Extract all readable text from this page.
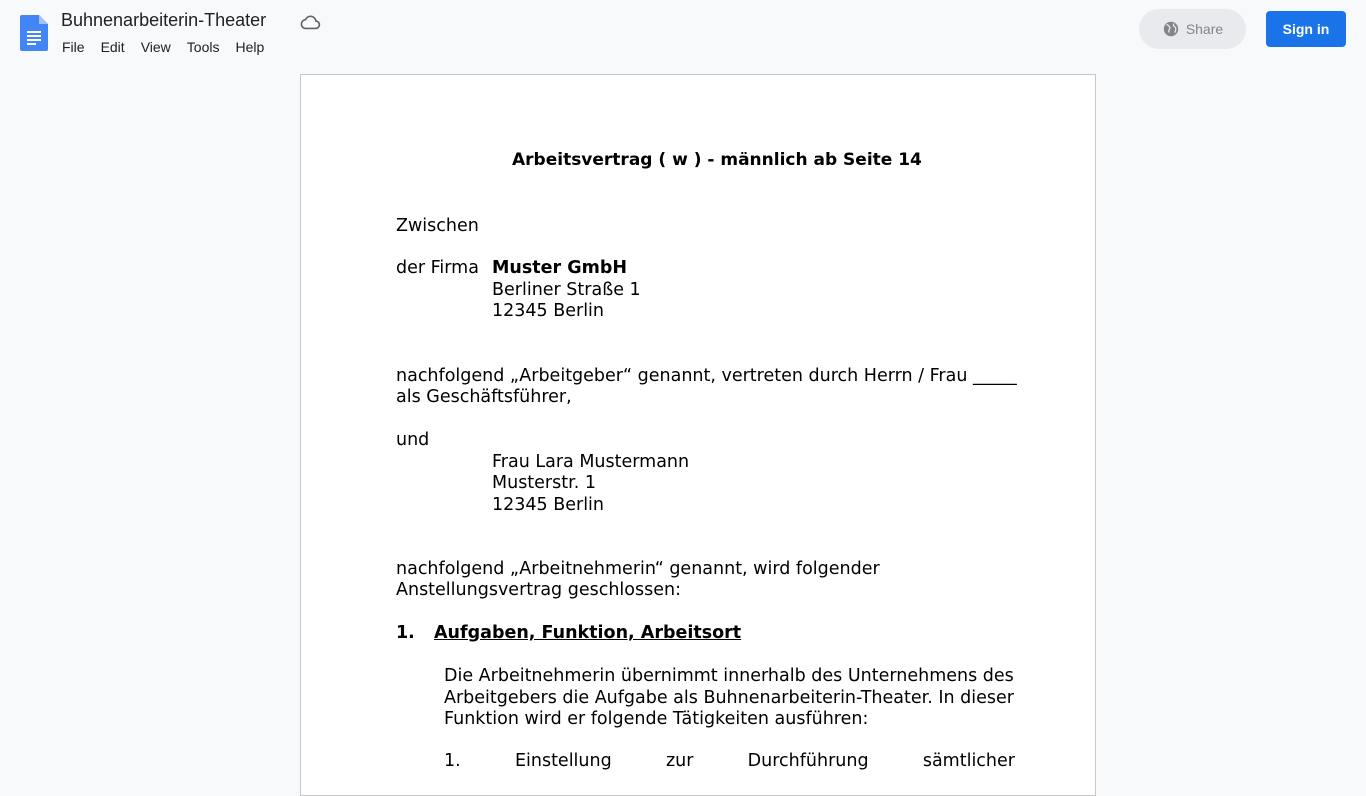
Buhnenarbeiterin-Theater
File	Edit	View	Tools	Help
Share	Sign in
Arbeitsvertrag ( w ) - männlich ab Seite 14
Zwischen
der Firma Muster GmbH
Berliner Straße 1
12345 Berlin
nachfolgend „Arbeitgeber“ genannt, vertreten durch Herrn / Frau _____
als Geschäftsführer,
und
Frau Lara Mustermann
Musterstr. 1
12345 Berlin
nachfolgend „Arbeitnehmerin“ genannt, wird folgender
Anstellungsvertrag geschlossen:
1. Aufgaben, Funktion, Arbeitsort
Die Arbeitnehmerin übernimmt innerhalb des Unternehmens des
Arbeitgebers die Aufgabe als Buhnenarbeiterin-Theater. In dieser
Funktion wird er folgende Tätigkeiten ausführen:
1.	Einstellung	zur	Durchführung	sämtlicher
